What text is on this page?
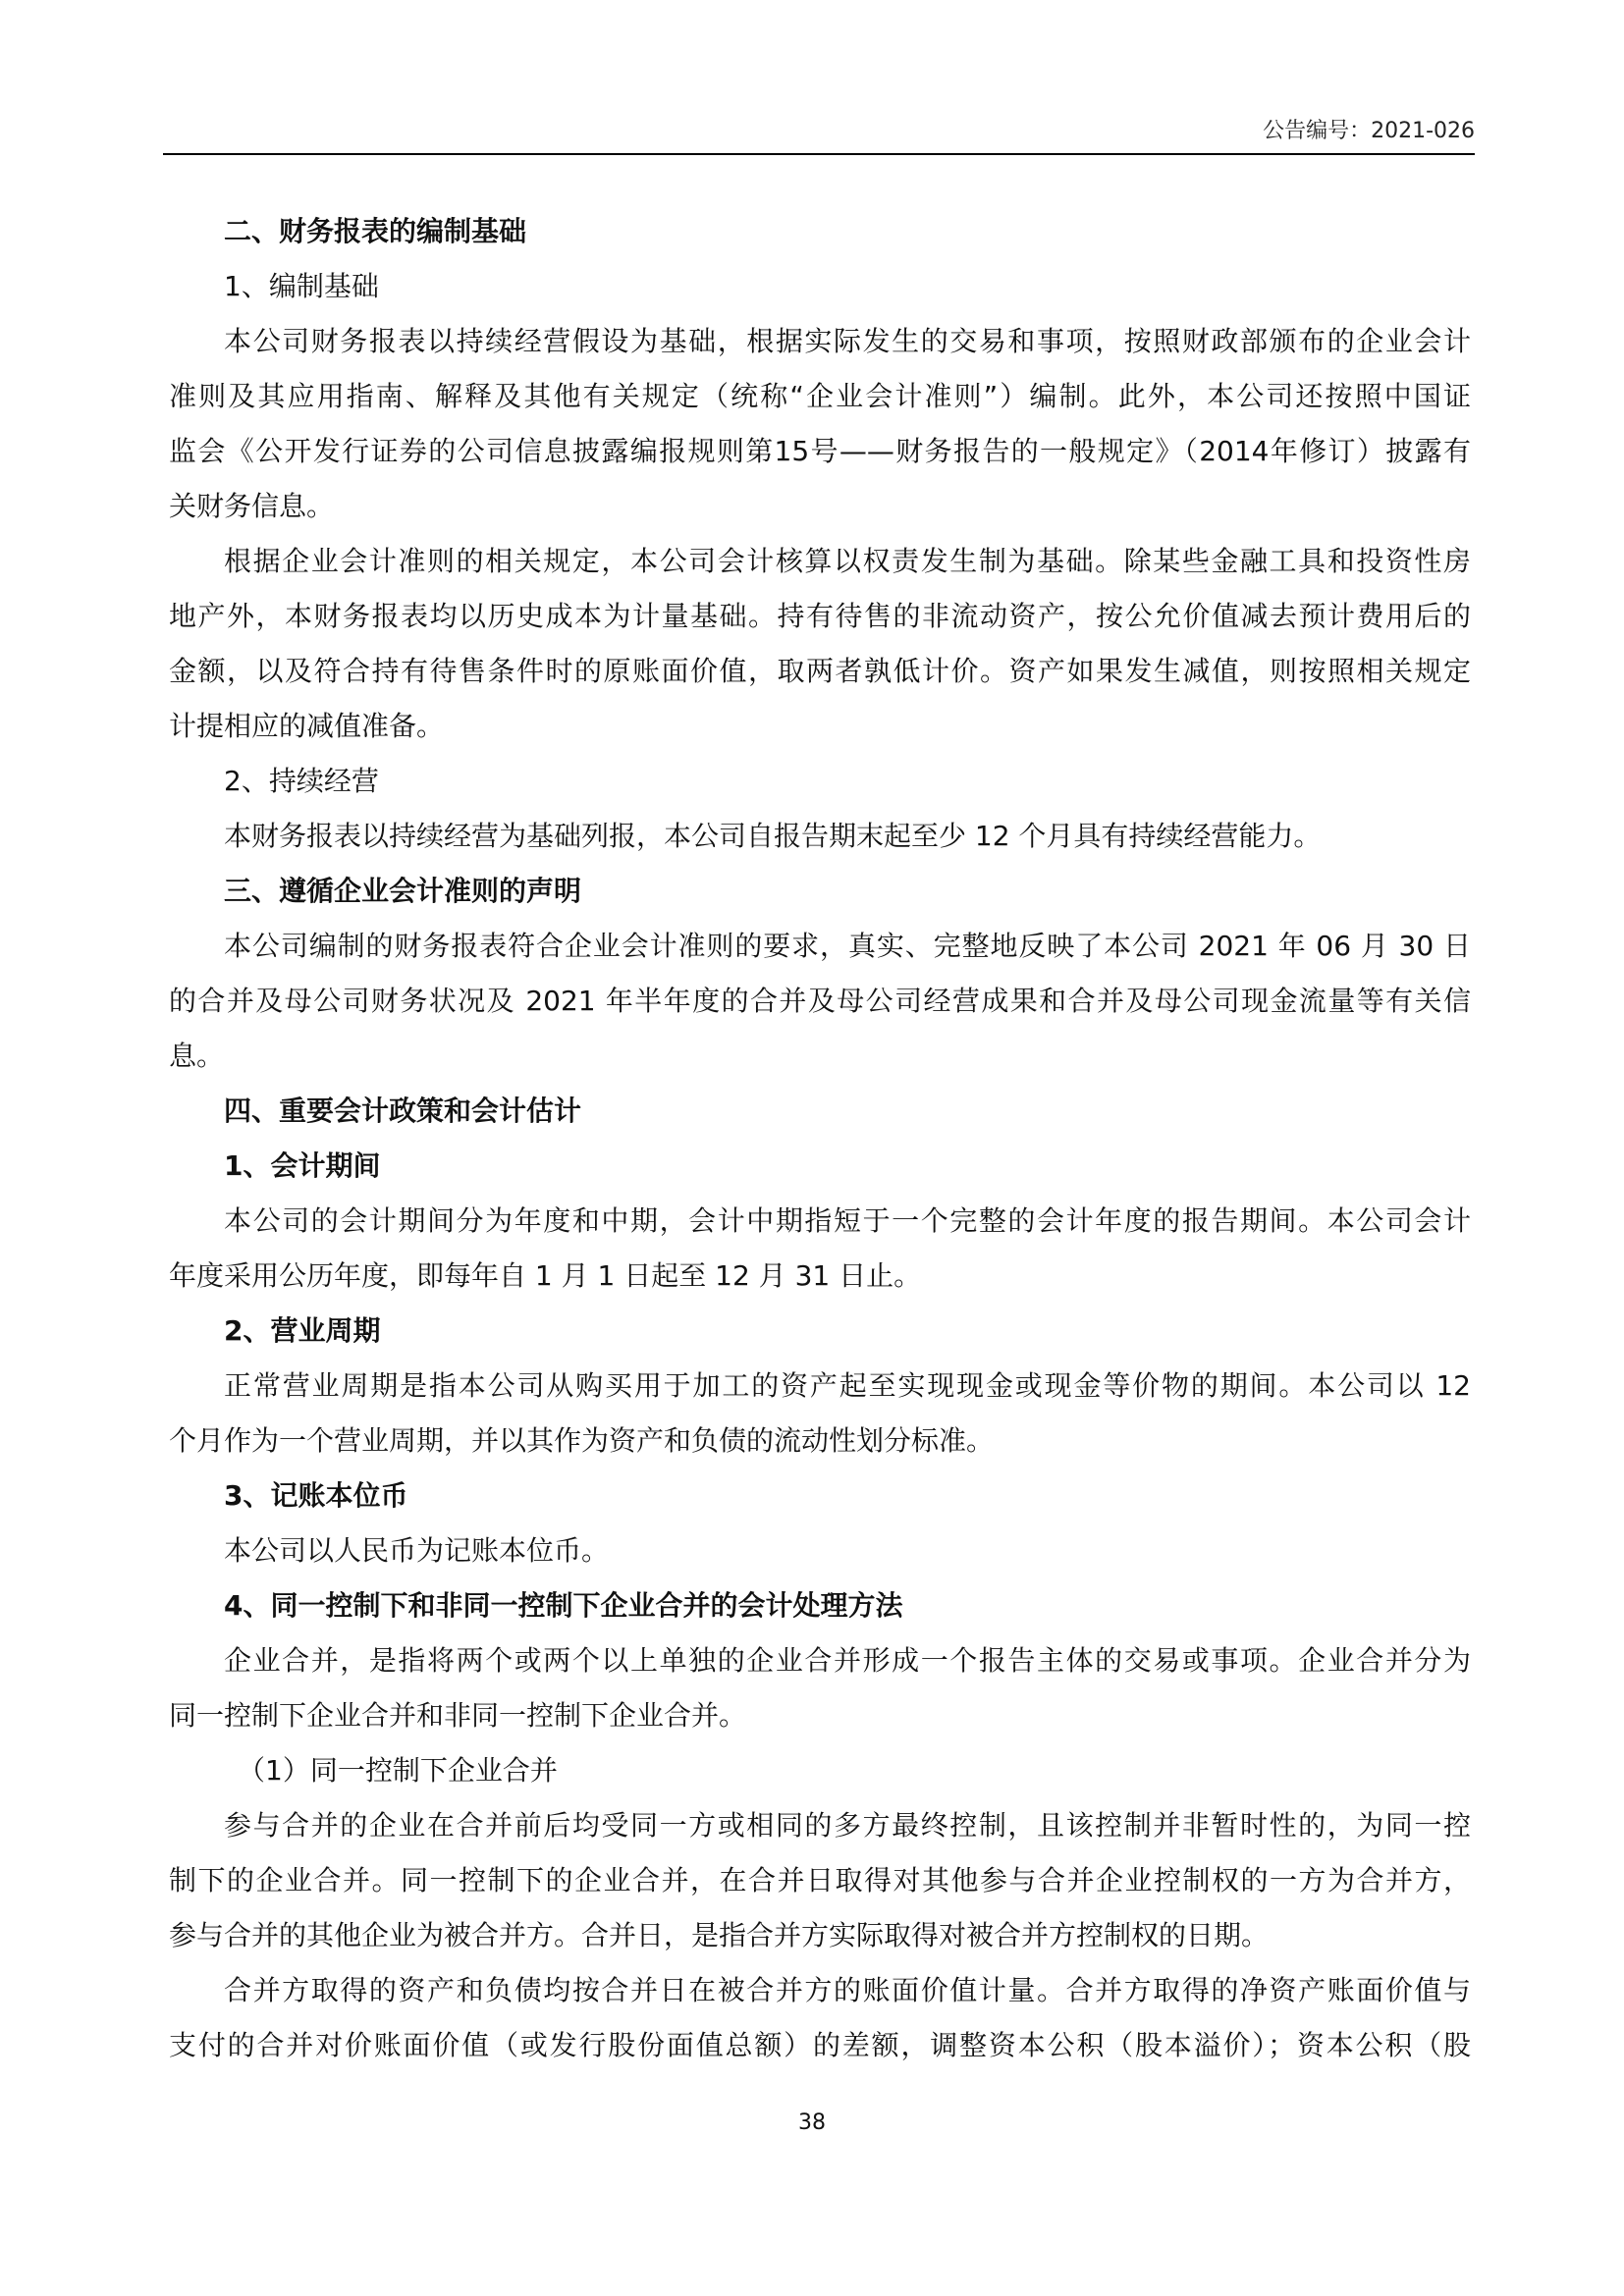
公告编号：2021-026
二、财务报表的编制基础
1、编制基础
本公司财务报表以持续经营假设为基础，根据实际发生的交易和事项，按照财政部颁布的企业会计
准则及其应用指南、解释及其他有关规定（统称“企业会计准则”）编制。此外，本公司还按照中国证
监会《公开发行证券的公司信息披露编报规则第15号——财务报告的一般规定》（2014年修订）披露有
关财务信息。
根据企业会计准则的相关规定，本公司会计核算以权责发生制为基础。除某些金融工具和投资性房
地产外，本财务报表均以历史成本为计量基础。持有待售的非流动资产，按公允价值减去预计费用后的
金额，以及符合持有待售条件时的原账面价值，取两者孰低计价。资产如果发生减值，则按照相关规定
计提相应的减值准备。
2、持续经营
本财务报表以持续经营为基础列报，本公司自报告期末起至少 12 个月具有持续经营能力。
三、遵循企业会计准则的声明
本公司编制的财务报表符合企业会计准则的要求，真实、完整地反映了本公司 2021 年 06 月 30 日
的合并及母公司财务状况及 2021 年半年度的合并及母公司经营成果和合并及母公司现金流量等有关信
息。
四、重要会计政策和会计估计
1、会计期间
本公司的会计期间分为年度和中期，会计中期指短于一个完整的会计年度的报告期间。本公司会计
年度采用公历年度，即每年自 1 月 1 日起至 12 月 31 日止。
2、营业周期
正常营业周期是指本公司从购买用于加工的资产起至实现现金或现金等价物的期间。本公司以 12
个月作为一个营业周期，并以其作为资产和负债的流动性划分标准。
3、记账本位币
本公司以人民币为记账本位币。
4、同一控制下和非同一控制下企业合并的会计处理方法
企业合并，是指将两个或两个以上单独的企业合并形成一个报告主体的交易或事项。企业合并分为
同一控制下企业合并和非同一控制下企业合并。
（1）同一控制下企业合并
参与合并的企业在合并前后均受同一方或相同的多方最终控制，且该控制并非暂时性的，为同一控
制下的企业合并。同一控制下的企业合并，在合并日取得对其他参与合并企业控制权的一方为合并方，
参与合并的其他企业为被合并方。合并日，是指合并方实际取得对被合并方控制权的日期。
合并方取得的资产和负债均按合并日在被合并方的账面价值计量。合并方取得的净资产账面价值与
支付的合并对价账面价值（或发行股份面值总额）的差额，调整资本公积（股本溢价）；资本公积（股
38
